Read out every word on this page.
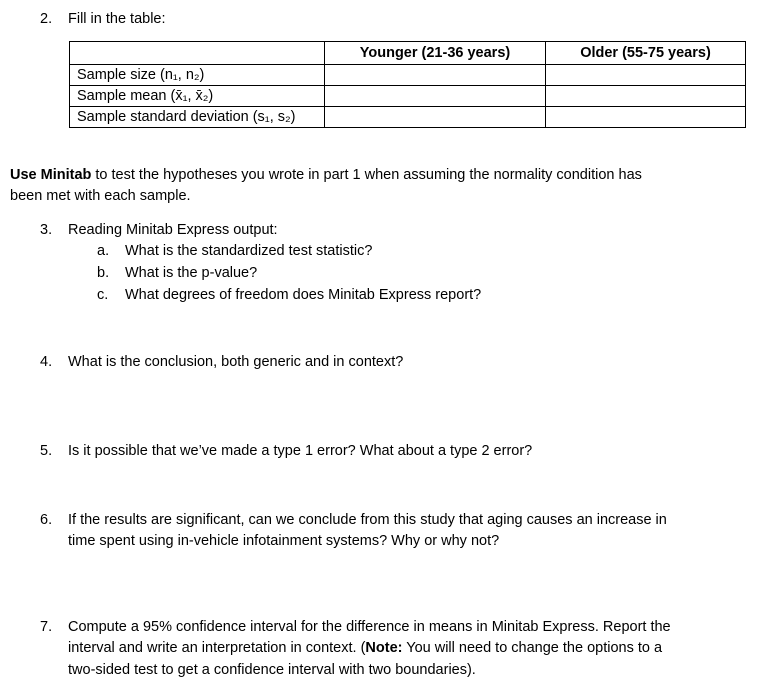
2.	Fill in the table:
	Younger (21-36 years)	Older (55-75 years)
Sample size (n₁, n₂)		
Sample mean (x̄₁, x̄₂)		
Sample standard deviation (s₁, s₂)		
Use Minitab to test the hypotheses you wrote in part 1 when assuming the normality condition has
been met with each sample.
3.	Reading Minitab Express output:
a. What is the standardized test statistic?
b. What is the p-value?
c. What degrees of freedom does Minitab Express report?
4.	What is the conclusion, both generic and in context?
5.	Is it possible that we’ve made a type 1 error? What about a type 2 error?
6.	If the results are significant, can we conclude from this study that aging causes an increase in
time spent using in-vehicle infotainment systems? Why or why not?
7.	Compute a 95% confidence interval for the difference in means in Minitab Express. Report the
interval and write an interpretation in context. (Note: You will need to change the options to a
two-sided test to get a confidence interval with two boundaries).
